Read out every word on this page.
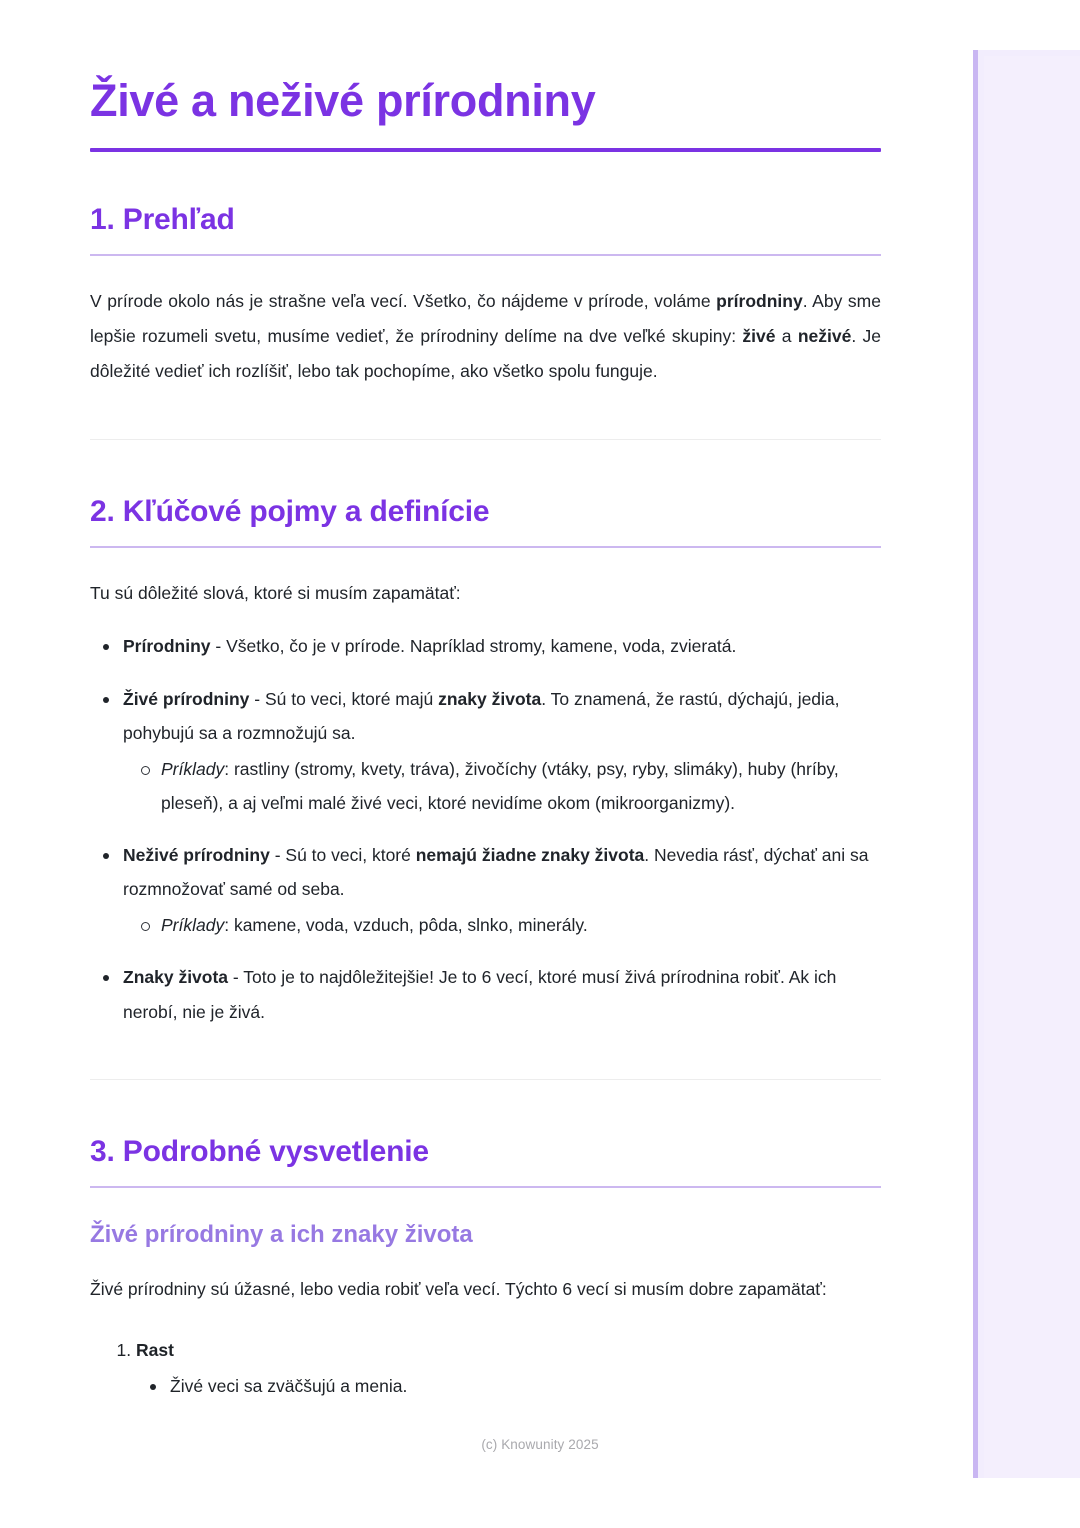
Živé a neživé prírodniny
1. Prehľad

V prírode okolo nás je strašne veľa vecí. Všetko, čo nájdeme v prírode, voláme prírodniny. Aby sme lepšie rozumeli svetu, musíme vedieť, že prírodniny delíme na dve veľké skupiny: živé a neživé. Je dôležité vedieť ich rozlíšiť, lebo tak pochopíme, ako všetko spolu funguje.

2. Kľúčové pojmy a definície

Tu sú dôležité slová, ktoré si musím zapamätať:

Prírodniny - Všetko, čo je v prírode. Napríklad stromy, kamene, voda, zvieratá.
Živé prírodniny - Sú to veci, ktoré majú znaky života. To znamená, že rastú, dýchajú, jedia, pohybujú sa a rozmnožujú sa.
Príklady: rastliny (stromy, kvety, tráva), živočíchy (vtáky, psy, ryby, slimáky), huby (hríby, pleseň), a aj veľmi malé živé veci, ktoré nevidíme okom (mikroorganizmy).
Neživé prírodniny - Sú to veci, ktoré nemajú žiadne znaky života. Nevedia rásť, dýchať ani sa rozmnožovať samé od seba.
Príklady: kamene, voda, vzduch, pôda, slnko, minerály.
Znaky života - Toto je to najdôležitejšie! Je to 6 vecí, ktoré musí živá prírodnina robiť. Ak ich nerobí, nie je živá.
3. Podrobné vysvetlenie
Živé prírodniny a ich znaky života

Živé prírodniny sú úžasné, lebo vedia robiť veľa vecí. Týchto 6 vecí si musím dobre zapamätať:

1. Rast
Živé veci sa zväčšujú a menia.
(c) Knowunity 2025
